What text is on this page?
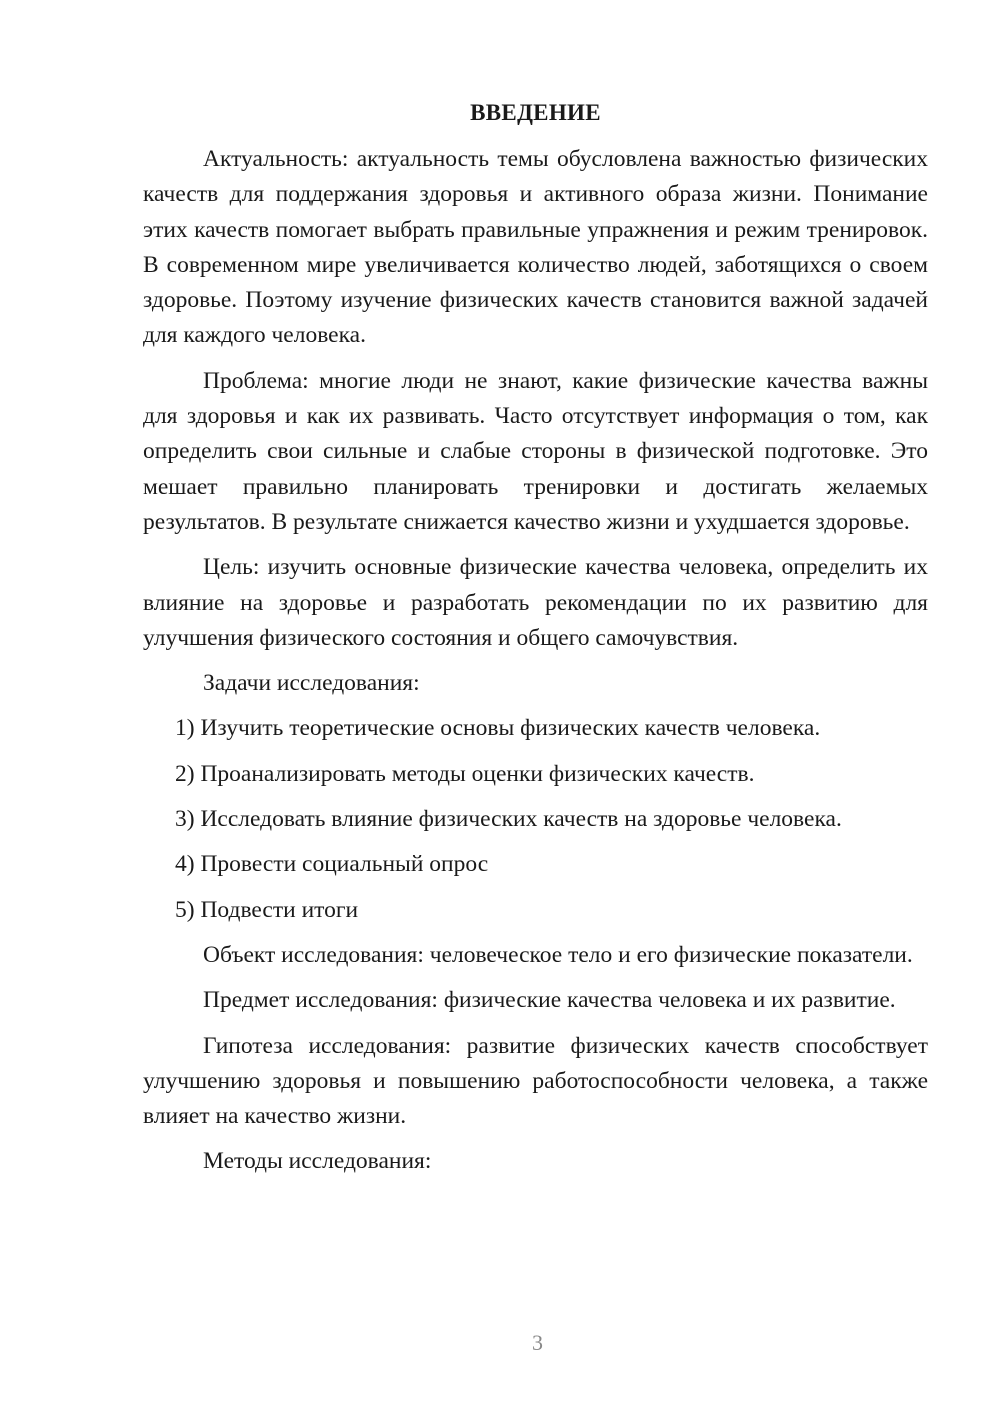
ВВЕДЕНИЕ

Актуальность: актуальность темы обусловлена важностью физических качеств для поддержания здоровья и активного образа жизни. Понимание этих качеств помогает выбрать правильные упражнения и режим тренировок. В современном мире увеличивается количество людей, заботящихся о своем здоровье. Поэтому изучение физических качеств становится важной задачей для каждого человека.

Проблема: многие люди не знают, какие физические качества важны для здоровья и как их развивать. Часто отсутствует информация о том, как определить свои сильные и слабые стороны в физической подготовке. Это мешает правильно планировать тренировки и достигать желаемых результатов. В результате снижается качество жизни и ухудшается здоровье.

Цель: изучить основные физические качества человека, определить их влияние на здоровье и разработать рекомендации по их развитию для улучшения физического состояния и общего самочувствия.

Задачи исследования:

1) Изучить теоретические основы физических качеств человека.
2) Проанализировать методы оценки физических качеств.
3) Исследовать влияние физических качеств на здоровье человека.
4) Провести социальный опрос
5) Подвести итоги

Объект исследования: человеческое тело и его физические показатели.

Предмет исследования: физические качества человека и их развитие.

Гипотеза исследования: развитие физических качеств способствует улучшению здоровья и повышению работоспособности человека, а также влияет на качество жизни.

Методы исследования:

3
